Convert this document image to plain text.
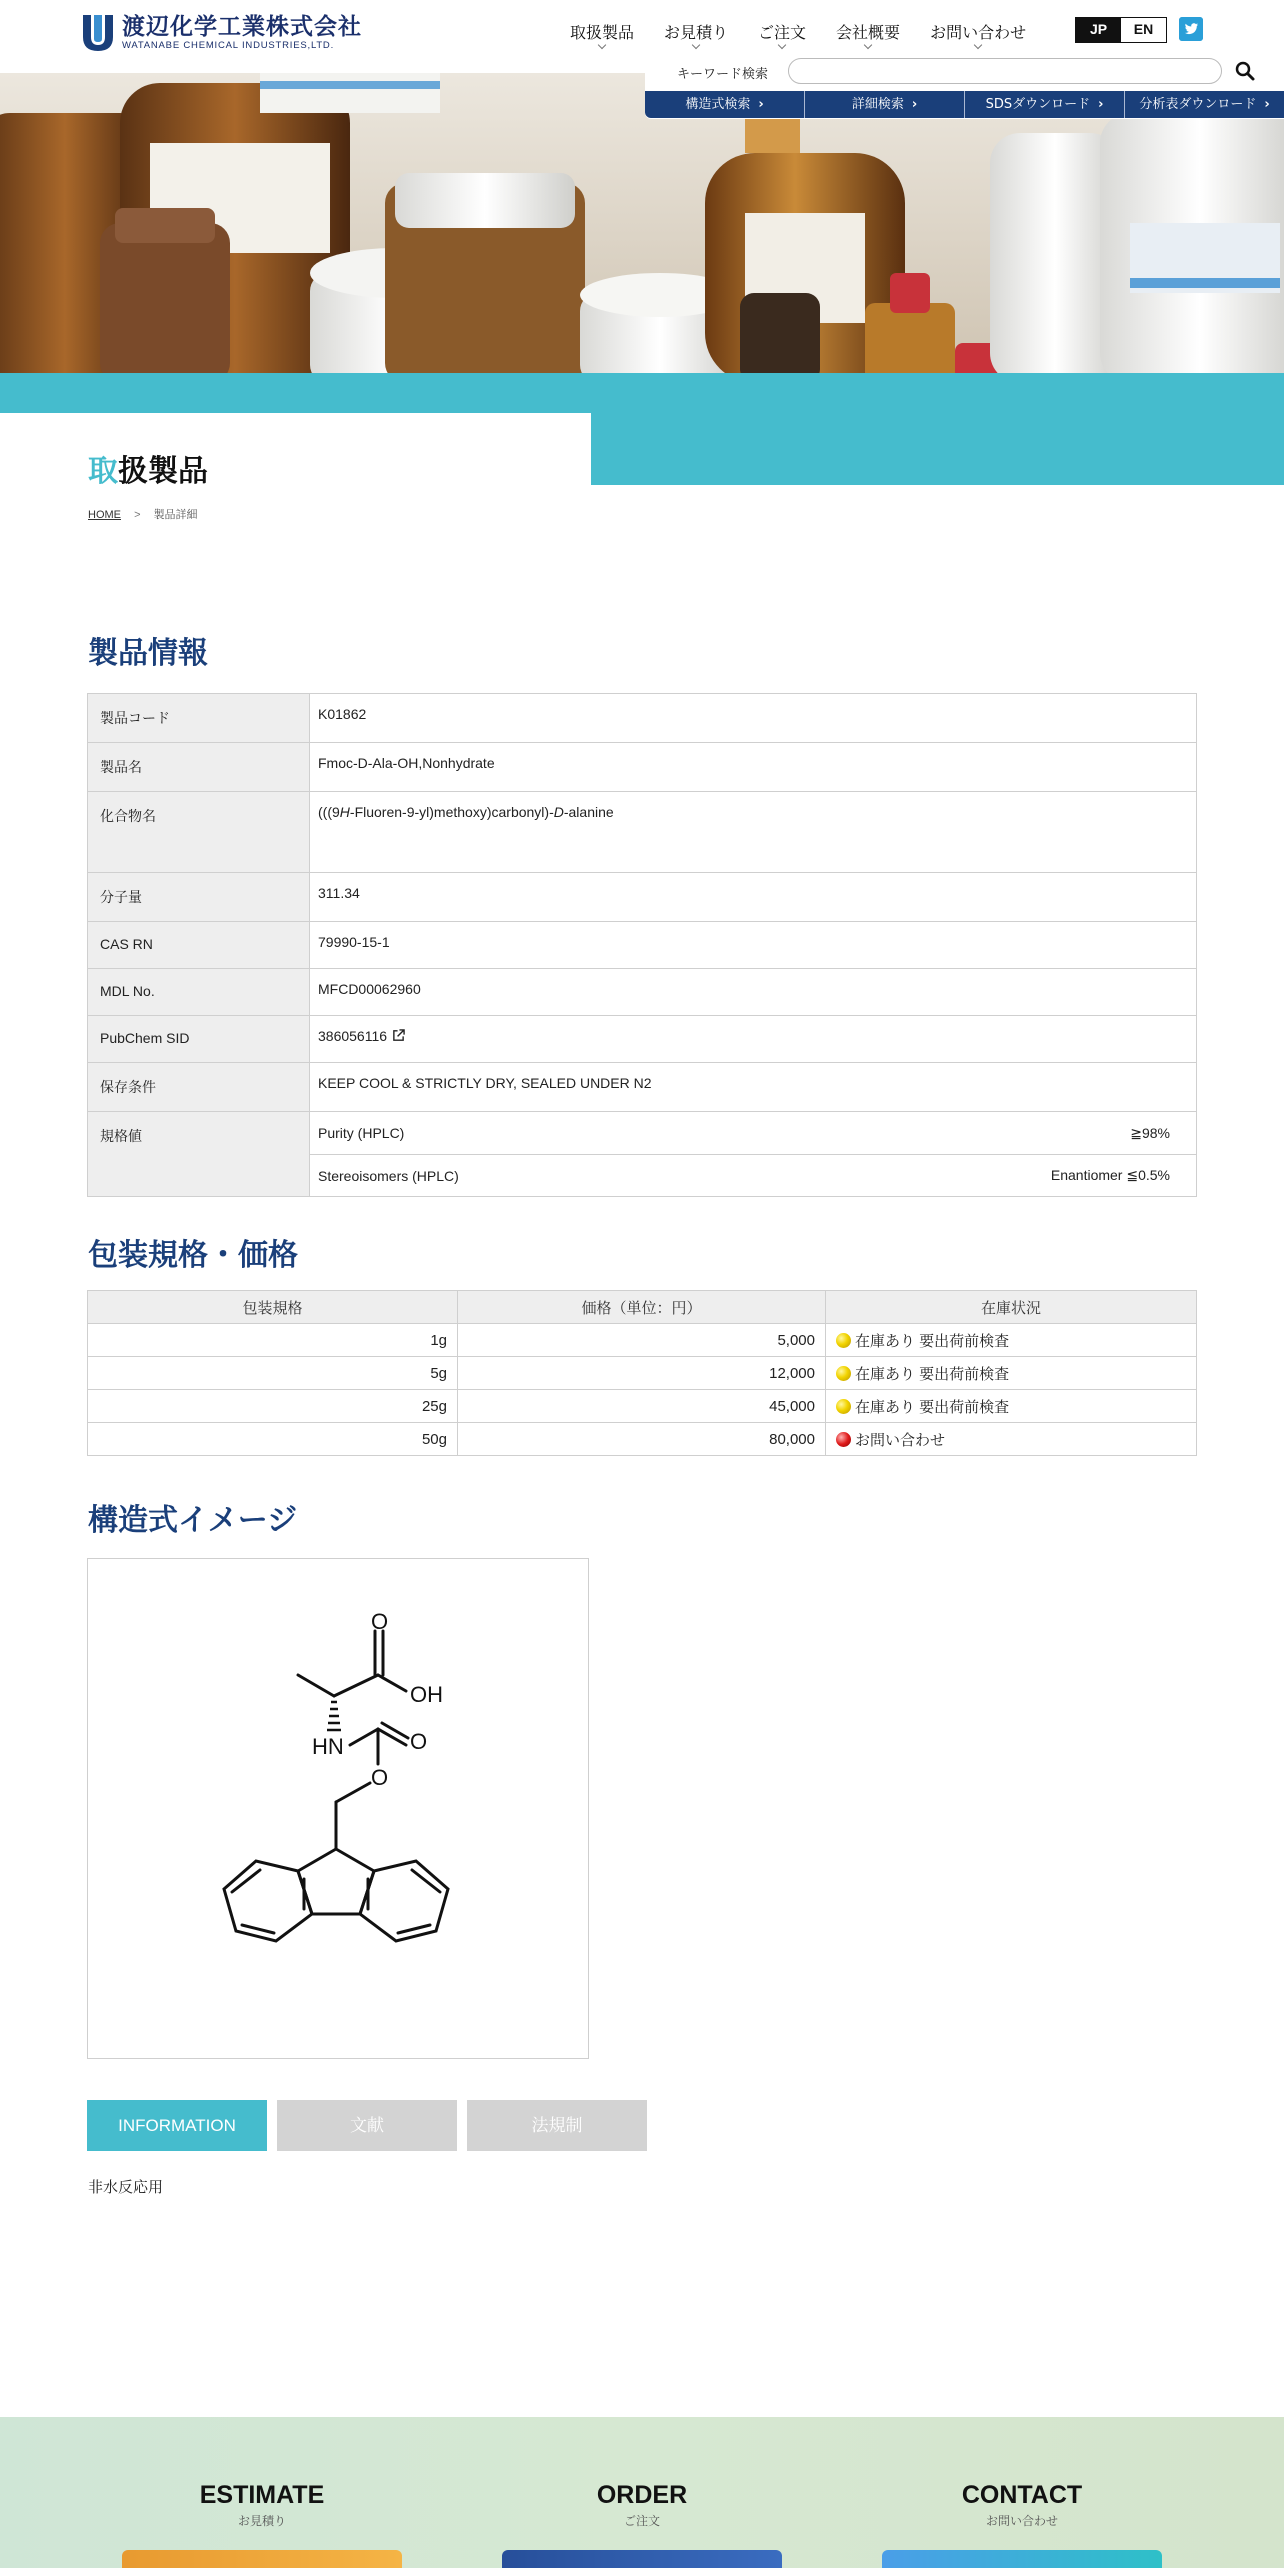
渡辺化学工業株式会社
WATANABE CHEMICAL INDUSTRIES,LTD.
取扱製品 お見積り ご注文 会社概要 お問い合わせ	JP	EN
キーワード検索
構造式検索 ›	詳細検索 ›	SDSダウンロード ›	分析表ダウンロード ›
取扱製品
HOME > 製品詳細
製品情報
製品コード	K01862
製品名	Fmoc-D-Ala-OH,Nonhydrate
化合物名	(((9H-Fluoren-9-yl)methoxy)carbonyl)-D-alanine
分子量	311.34
CAS RN	79990-15-1
MDL No.	MFCD00062960
PubChem SID	386056116
保存条件	KEEP COOL & STRICTLY DRY, SEALED UNDER N2
規格値	Purity (HPLC) ≧98%
Stereoisomers (HPLC) Enantiomer ≦0.5%
包装規格・価格
包装規格	価格（単位：円）	在庫状況
1g	5,000	在庫あり 要出荷前検査
5g	12,000	在庫あり 要出荷前検査
25g	45,000	在庫あり 要出荷前検査
50g	80,000	お問い合わせ
構造式イメージ
O
OH
HN	O
O
INFORMATION	文献	法規制
非水反応用
ESTIMATE
お見積り
ORDER
ご注文
CONTACT
お問い合わせ
